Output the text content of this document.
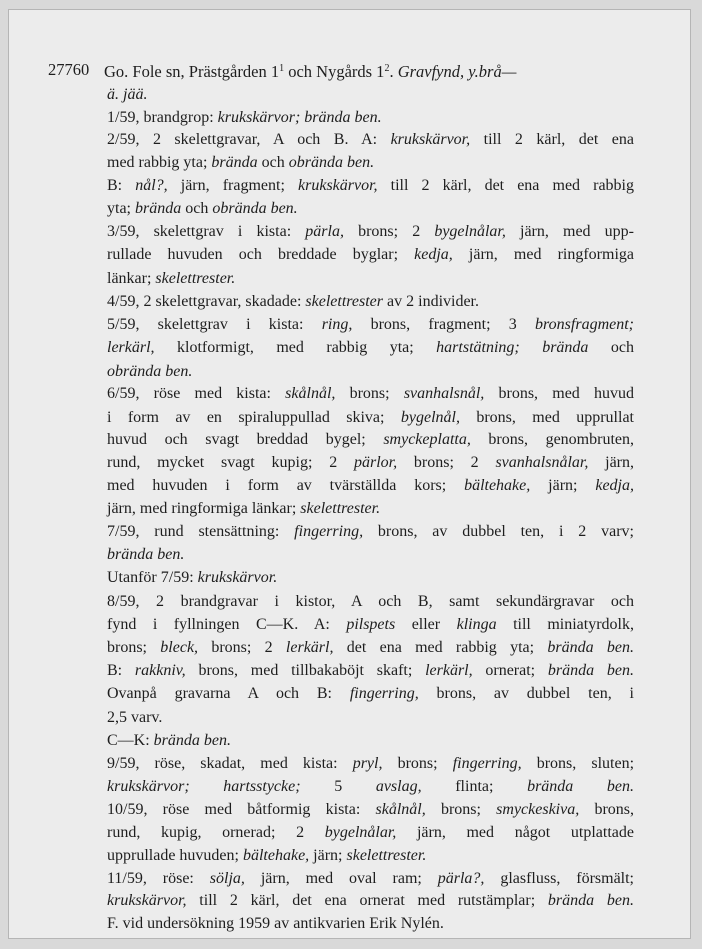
27760 Go. Fole sn, Prästgården $1^1$ och Nygårds $1^2$. Gravfynd, y.brå—
ä. jää.
1/59, brandgrop: krukskärvor; brända ben.
2/59, 2 skelettgravar, A och B. A: krukskärvor, till 2 kärl, det ena
med rabbig yta; brända och obrända ben.
B: nål?, järn, fragment; krukskärvor, till 2 kärl, det ena med rabbig
yta; brända och obrända ben.
3/59, skelettgrav i kista: pärla, brons; 2 bygelnålar, järn, med upp-
rullade huvuden och breddade byglar; kedja, järn, med ringformiga
länkar; skelettrester.
4/59, 2 skelettgravar, skadade: skelettrester av 2 individer.
5/59, skelettgrav i kista: ring, brons, fragment; 3 bronsfragment;
lerkärl, klotformigt, med rabbig yta; hartstätning; brända och
obrända ben.
6/59, röse med kista: skålnål, brons; svanhalsnål, brons, med huvud
i form av en spiraluppullad skiva; bygelnål, brons, med upprullat
huvud och svagt breddad bygel; smyckeplatta, brons, genombruten,
rund, mycket svagt kupig; 2 pärlor, brons; 2 svanhalsnålar, järn,
med huvuden i form av tvärställda kors; bältehake, järn; kedja,
järn, med ringformiga länkar; skelettrester.
7/59, rund stensättning: fingerring, brons, av dubbel ten, i 2 varv;
brända ben.
Utanför 7/59: krukskärvor.
8/59, 2 brandgravar i kistor, A och B, samt sekundärgravar och
fynd i fyllningen C—K. A: pilspets eller klinga till miniatyrdolk,
brons; bleck, brons; 2 lerkärl, det ena med rabbig yta; brända ben.
B: rakkniv, brons, med tillbakaböjt skaft; lerkärl, ornerat; brända ben.
Ovanpå gravarna A och B: fingerring, brons, av dubbel ten, i
2,5 varv.
C—K: brända ben.
9/59, röse, skadat, med kista: pryl, brons; fingerring, brons, sluten;
krukskärvor; hartsstycke; 5 avslag, flinta; brända ben.
10/59, röse med båtformig kista: skålnål, brons; smyckeskiva, brons,
rund, kupig, ornerad; 2 bygelnålar, järn, med något utplattade
upprullade huvuden; bältehake, järn; skelettrester.
11/59, röse: sölja, järn, med oval ram; pärla?, glasfluss, försmält;
krukskärvor, till 2 kärl, det ena ornerat med rutstämplar; brända ben.
F. vid undersökning 1959 av antikvarien Erik Nylén.
